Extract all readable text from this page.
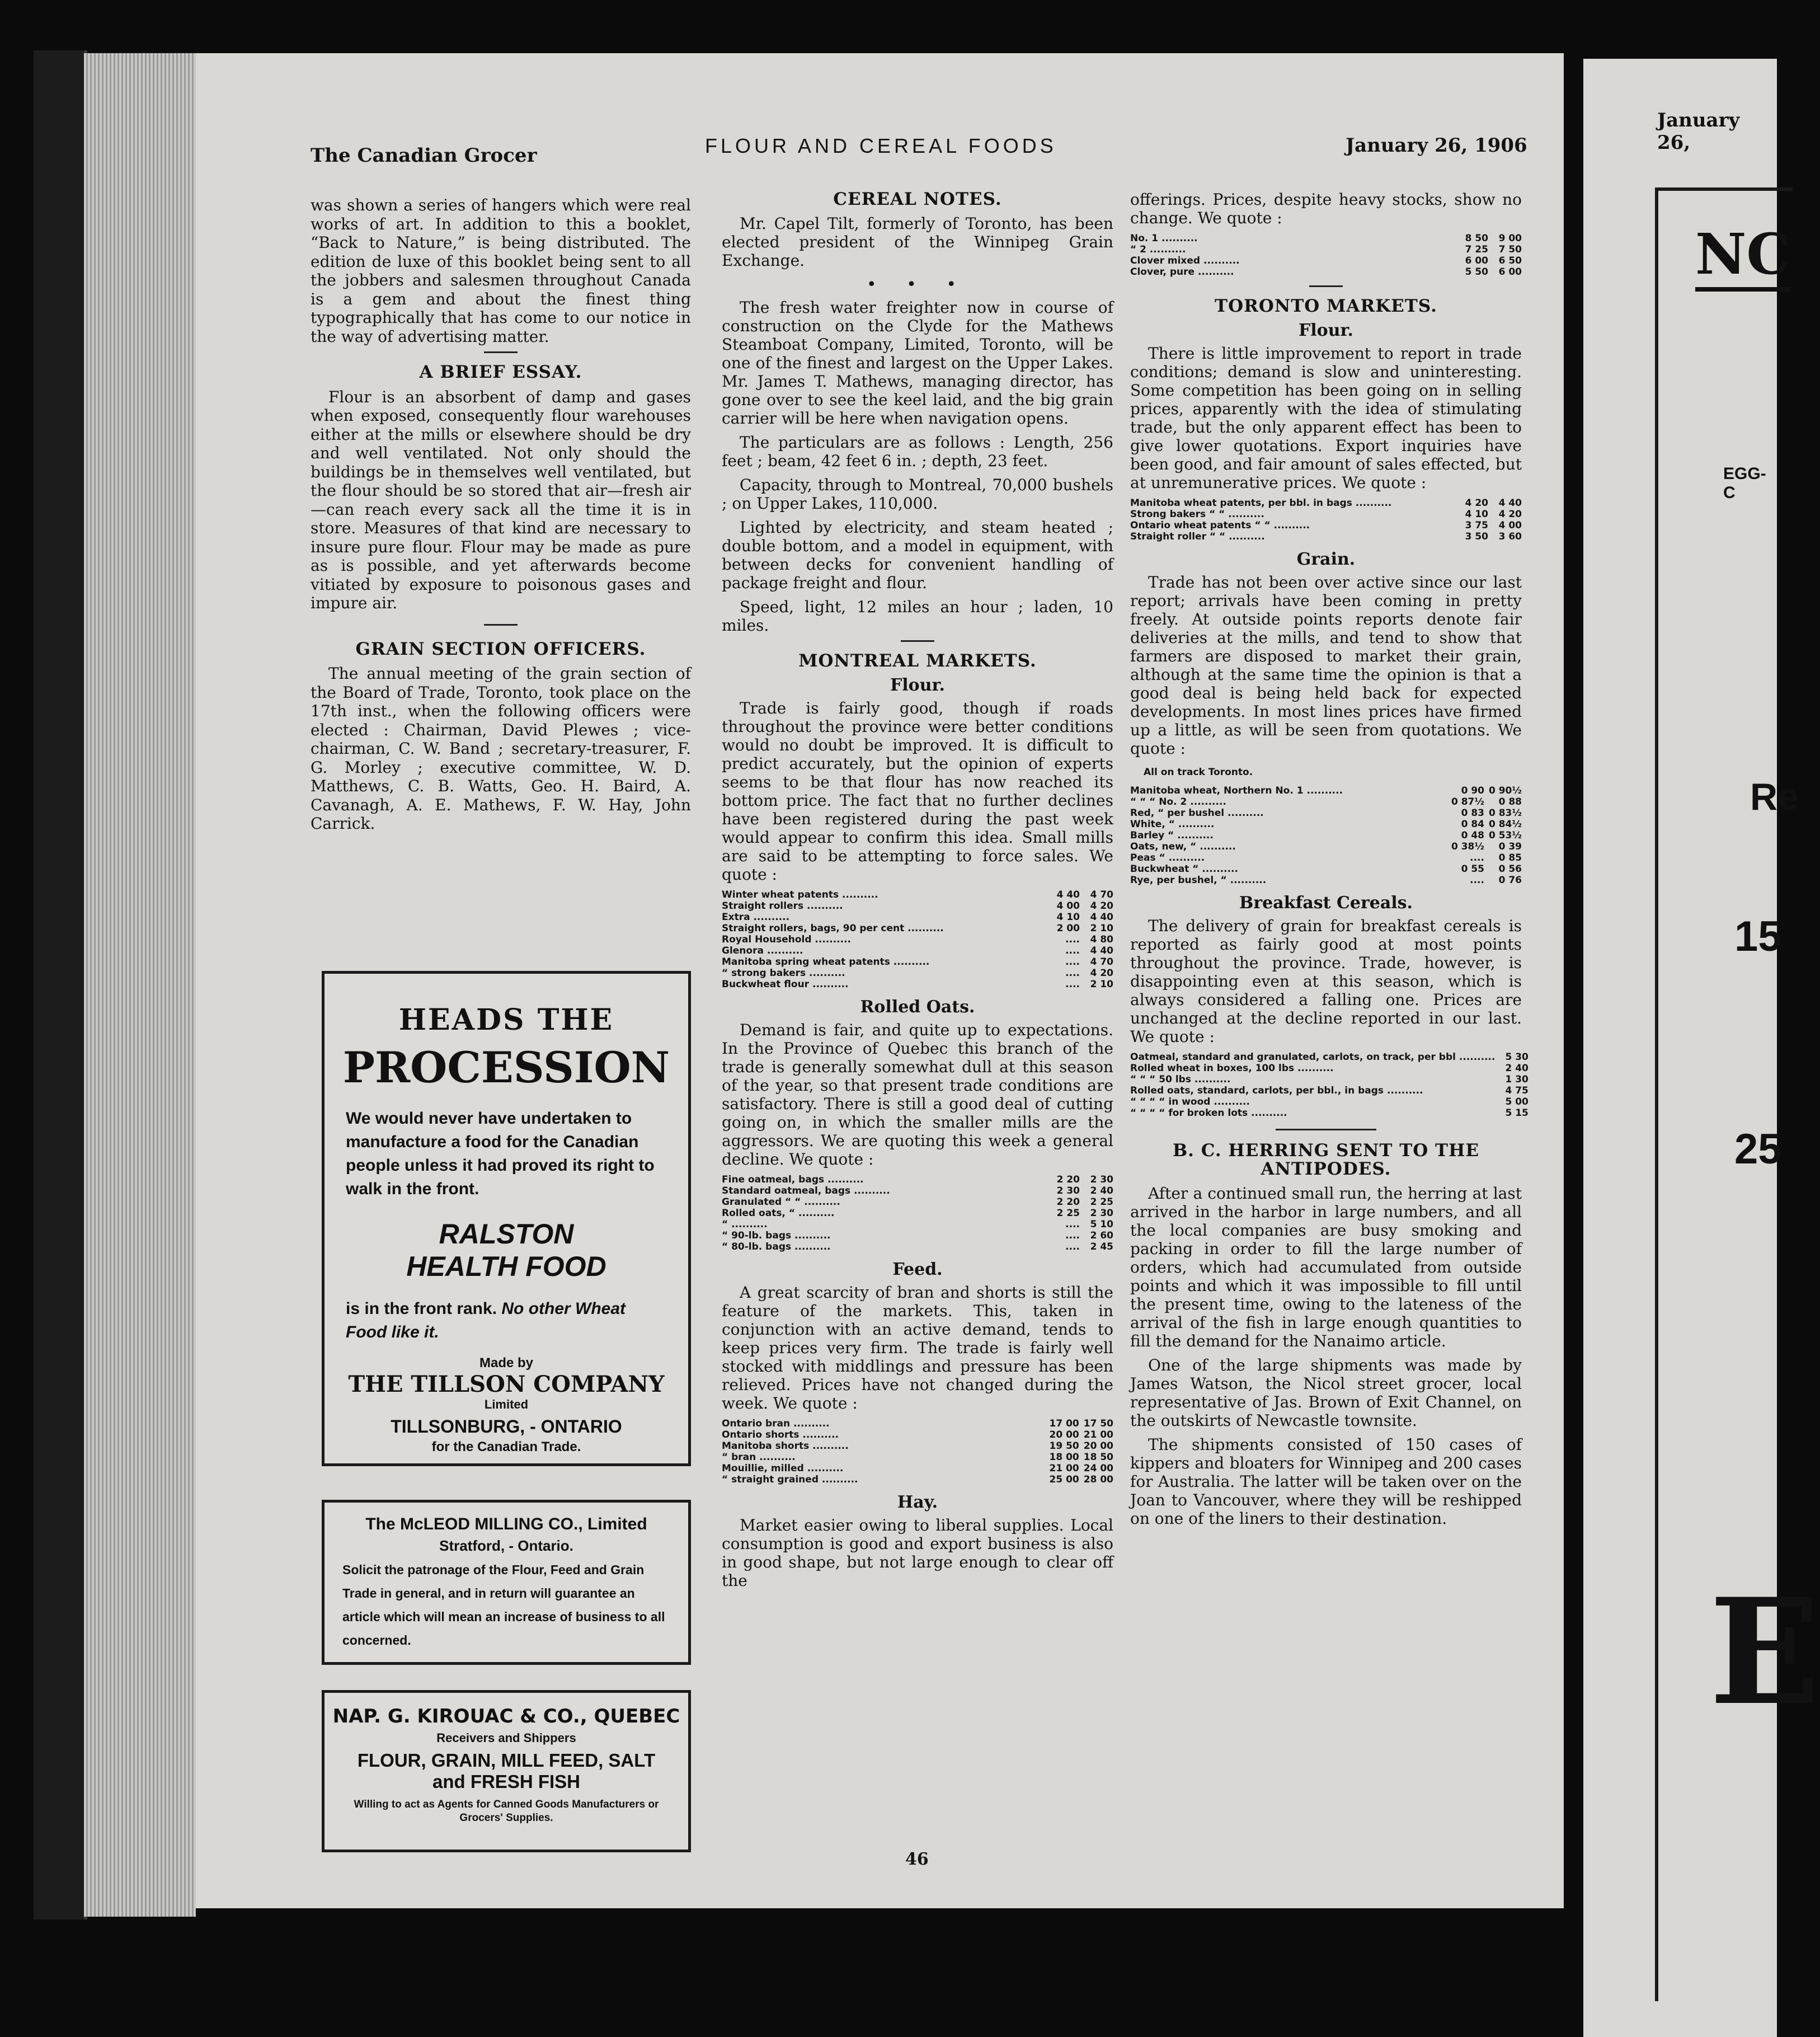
The Canadian Grocer	FLOUR AND CEREAL FOODS	January 26, 1906

was shown a series of hangers which were real works of art. In addition to this a booklet, “Back to Nature,” is being distributed. The edition de luxe of this booklet being sent to all the jobbers and salesmen throughout Canada is a gem and about the finest thing typographically that has come to our notice in the way of advertising matter.

A BRIEF ESSAY.

Flour is an absorbent of damp and gases when exposed, consequently flour warehouses either at the mills or elsewhere should be dry and well ventilated. Not only should the buildings be in themselves well ventilated, but the flour should be so stored that air—fresh air—can reach every sack all the time it is in store. Measures of that kind are necessary to insure pure flour. Flour may be made as pure as is possible, and yet afterwards become vitiated by exposure to poisonous gases and impure air.

GRAIN SECTION OFFICERS.

The annual meeting of the grain section of the Board of Trade, Toronto, took place on the 17th inst., when the following officers were elected : Chairman, David Plewes ; vice-chairman, C. W. Band ; secretary-treasurer, F. G. Morley ; executive committee, W. D. Matthews, C. B. Watts, Geo. H. Baird, A. Cavanagh, A. E. Mathews, F. W. Hay, John Carrick.

HEADS THE
PROCESSION
We would never have undertaken to manufacture a food for the Canadian people unless it had proved its right to walk in the front.
RALSTON
HEALTH FOOD
is in the front rank. No other Wheat Food like it.
Made by
THE TILLSON COMPANY
Limited
TILLSONBURG, - ONTARIO
for the Canadian Trade.
The McLEOD MILLING CO., Limited
Stratford, - Ontario.
Solicit the patronage of the Flour, Feed and Grain Trade in general, and in return will guarantee an article which will mean an increase of business to all concerned.
NAP. G. KIROUAC & CO., QUEBEC
Receivers and Shippers
FLOUR, GRAIN, MILL FEED, SALT
and FRESH FISH
Willing to act as Agents for Canned Goods Manufacturers or Grocers' Supplies.
CEREAL NOTES.

Mr. Capel Tilt, formerly of Toronto, has been elected president of the Winnipeg Grain Exchange.

• • •

The fresh water freighter now in course of construction on the Clyde for the Mathews Steamboat Company, Limited, Toronto, will be one of the finest and largest on the Upper Lakes. Mr. James T. Mathews, managing director, has gone over to see the keel laid, and the big grain carrier will be here when navigation opens.

The particulars are as follows : Length, 256 feet ; beam, 42 feet 6 in. ; depth, 23 feet.

Capacity, through to Montreal, 70,000 bushels ; on Upper Lakes, 110,000.

Lighted by electricity, and steam heated ; double bottom, and a model in equipment, with between decks for convenient handling of package freight and flour.

Speed, light, 12 miles an hour ; laden, 10 miles.

MONTREAL MARKETS.
Flour.

Trade is fairly good, though if roads throughout the province were better conditions would no doubt be improved. It is difficult to predict accurately, but the opinion of experts seems to be that flour has now reached its bottom price. The fact that no further declines have been registered during the past week would appear to confirm this idea. Small mills are said to be attempting to force sales. We quote :

Winter wheat patents ..........	4 40	4 70
Straight rollers ..........	4 00	4 20
Extra ..........	4 10	4 40
Straight rollers, bags, 90 per cent ..........	2 00	2 10
Royal Household ..........	....	4 80
Glenora ..........	....	4 40
Manitoba spring wheat patents ..........	....	4 70
“ strong bakers ..........	....	4 20
Buckwheat flour ..........	....	2 10
Rolled Oats.

Demand is fair, and quite up to expectations. In the Province of Quebec this branch of the trade is generally somewhat dull at this season of the year, so that present trade conditions are satisfactory. There is still a good deal of cutting going on, in which the smaller mills are the aggressors. We are quoting this week a general decline. We quote :

Fine oatmeal, bags ..........	2 20	2 30
Standard oatmeal, bags ..........	2 30	2 40
Granulated “ “ ..........	2 20	2 25
Rolled oats, “ ..........	2 25	2 30
“ ..........	....	5 10
“ 90-lb. bags ..........	....	2 60
“ 80-lb. bags ..........	....	2 45
Feed.

A great scarcity of bran and shorts is still the feature of the markets. This, taken in conjunction with an active demand, tends to keep prices very firm. The trade is fairly well stocked with middlings and pressure has been relieved. Prices have not changed during the week. We quote :

Ontario bran ..........	17 00	17 50
Ontario shorts ..........	20 00	21 00
Manitoba shorts ..........	19 50	20 00
“ bran ..........	18 00	18 50
Mouillie, milled ..........	21 00	24 00
“ straight grained ..........	25 00	28 00
Hay.

Market easier owing to liberal supplies. Local consumption is good and export business is also in good shape, but not large enough to clear off the

offerings. Prices, despite heavy stocks, show no change. We quote :

No. 1 ..........	8 50	9 00
“ 2 ..........	7 25	7 50
Clover mixed ..........	6 00	6 50
Clover, pure ..........	5 50	6 00
TORONTO MARKETS.
Flour.

There is little improvement to report in trade conditions; demand is slow and uninteresting. Some competition has been going on in selling prices, apparently with the idea of stimulating trade, but the only apparent effect has been to give lower quotations. Export inquiries have been good, and fair amount of sales effected, but at unremunerative prices. We quote :

Manitoba wheat patents, per bbl. in bags ..........	4 20	4 40
Strong bakers “ “ ..........	4 10	4 20
Ontario wheat patents “ “ ..........	3 75	4 00
Straight roller “ “ ..........	3 50	3 60
Grain.

Trade has not been over active since our last report; arrivals have been coming in pretty freely. At outside points reports denote fair deliveries at the mills, and tend to show that farmers are disposed to market their grain, although at the same time the opinion is that a good deal is being held back for expected developments. In most lines prices have firmed up a little, as will be seen from quotations. We quote :

All on track Toronto.
Manitoba wheat, Northern No. 1 ..........	0 90	0 90½
“ “ “ No. 2 ..........	0 87½	0 88
Red, “ per bushel ..........	0 83	0 83½
White, “ ..........	0 84	0 84½
Barley “ ..........	0 48	0 53½
Oats, new, “ ..........	0 38½	0 39
Peas “ ..........	....	0 85
Buckwheat “ ..........	0 55	0 56
Rye, per bushel, “ ..........	....	0 76
Breakfast Cereals.

The delivery of grain for breakfast cereals is reported as fairly good at most points throughout the province. Trade, however, is disappointing even at this season, which is always considered a falling one. Prices are unchanged at the decline reported in our last. We quote :

Oatmeal, standard and granulated, carlots, on track, per bbl ..........		5 30
Rolled wheat in boxes, 100 lbs ..........		2 40
“ “ “ 50 lbs ..........		1 30
Rolled oats, standard, carlots, per bbl., in bags ..........		4 75
“ “ “ “ in wood ..........		5 00
“ “ “ “ for broken lots ..........		5 15
B. C. HERRING SENT TO THE ANTIPODES.

After a continued small run, the herring at last arrived in the harbor in large numbers, and all the local companies are busy smoking and packing in order to fill the large number of orders, which had accumulated from outside points and which it was impossible to fill until the present time, owing to the lateness of the arrival of the fish in large enough quantities to fill the demand for the Nanaimo article.

One of the large shipments was made by James Watson, the Nicol street grocer, local representative of Jas. Brown of Exit Channel, on the outskirts of Newcastle townsite.

The shipments consisted of 150 cases of kippers and bloaters for Winnipeg and 200 cases for Australia. The latter will be taken over on the Joan to Vancouver, where they will be reshipped on one of the liners to their destination.

46
January 26,
NC
EGG-C
Re
15
25
E
